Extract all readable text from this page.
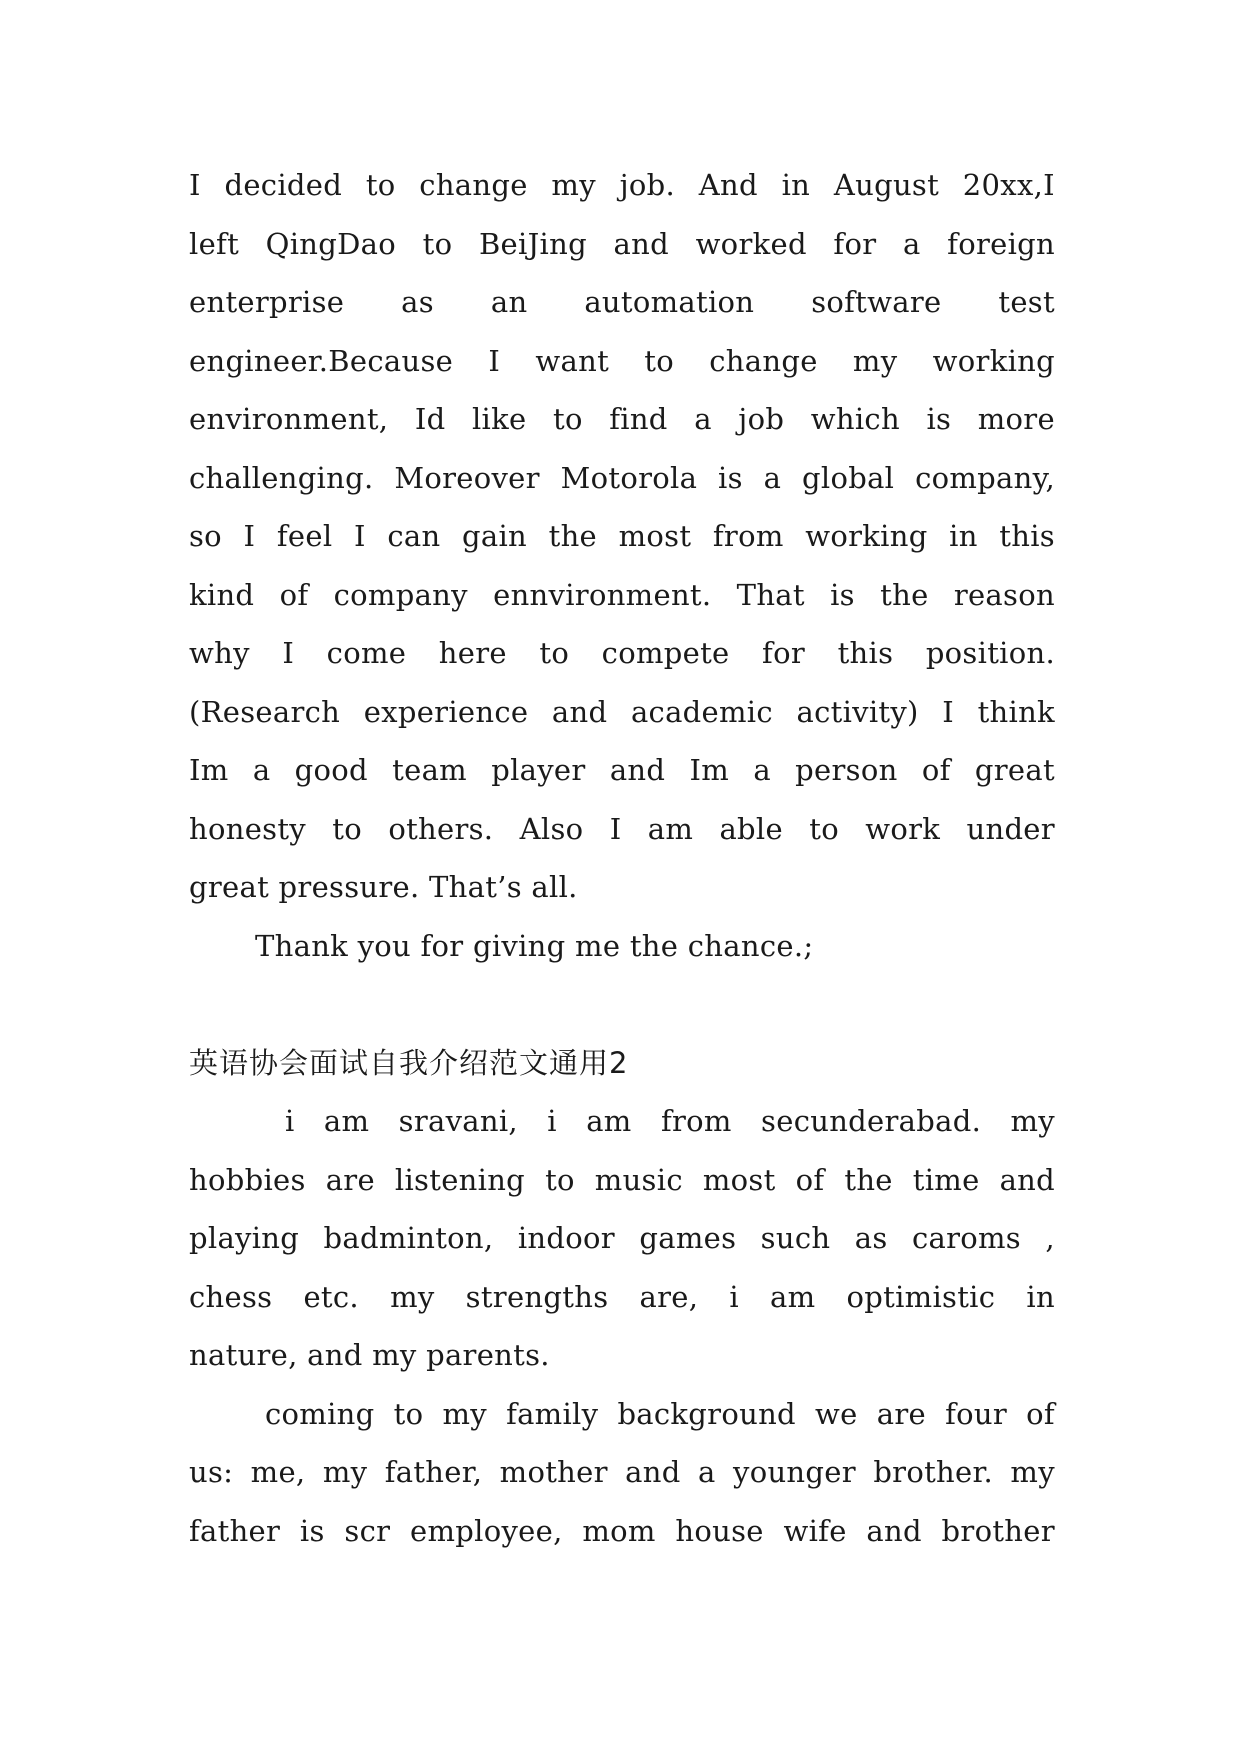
I decided to change my job. And in August 20xx,I
left QingDao to BeiJing and worked for a foreign
enterprise as an automation software test
engineer.Because I want to change my working
environment, Id like to find a job which is more
challenging. Moreover Motorola is a global company,
so I feel I can gain the most from working in this
kind of company ennvironment. That is the reason
why I come here to compete for this position.
(Research experience and academic activity) I think
Im a good team player and Im a person of great
honesty to others. Also I am able to work under
great pressure. That’s all.
Thank you for giving me the chance.;
英语协会面试自我介绍范文通用2
i am sravani, i am from secunderabad. my
hobbies are listening to music most of the time and
playing badminton, indoor games such as caroms ,
chess etc. my strengths are, i am optimistic in
nature, and my parents.
coming to my family background we are four of
us: me, my father, mother and a younger brother. my
father is scr employee, mom house wife and brother
